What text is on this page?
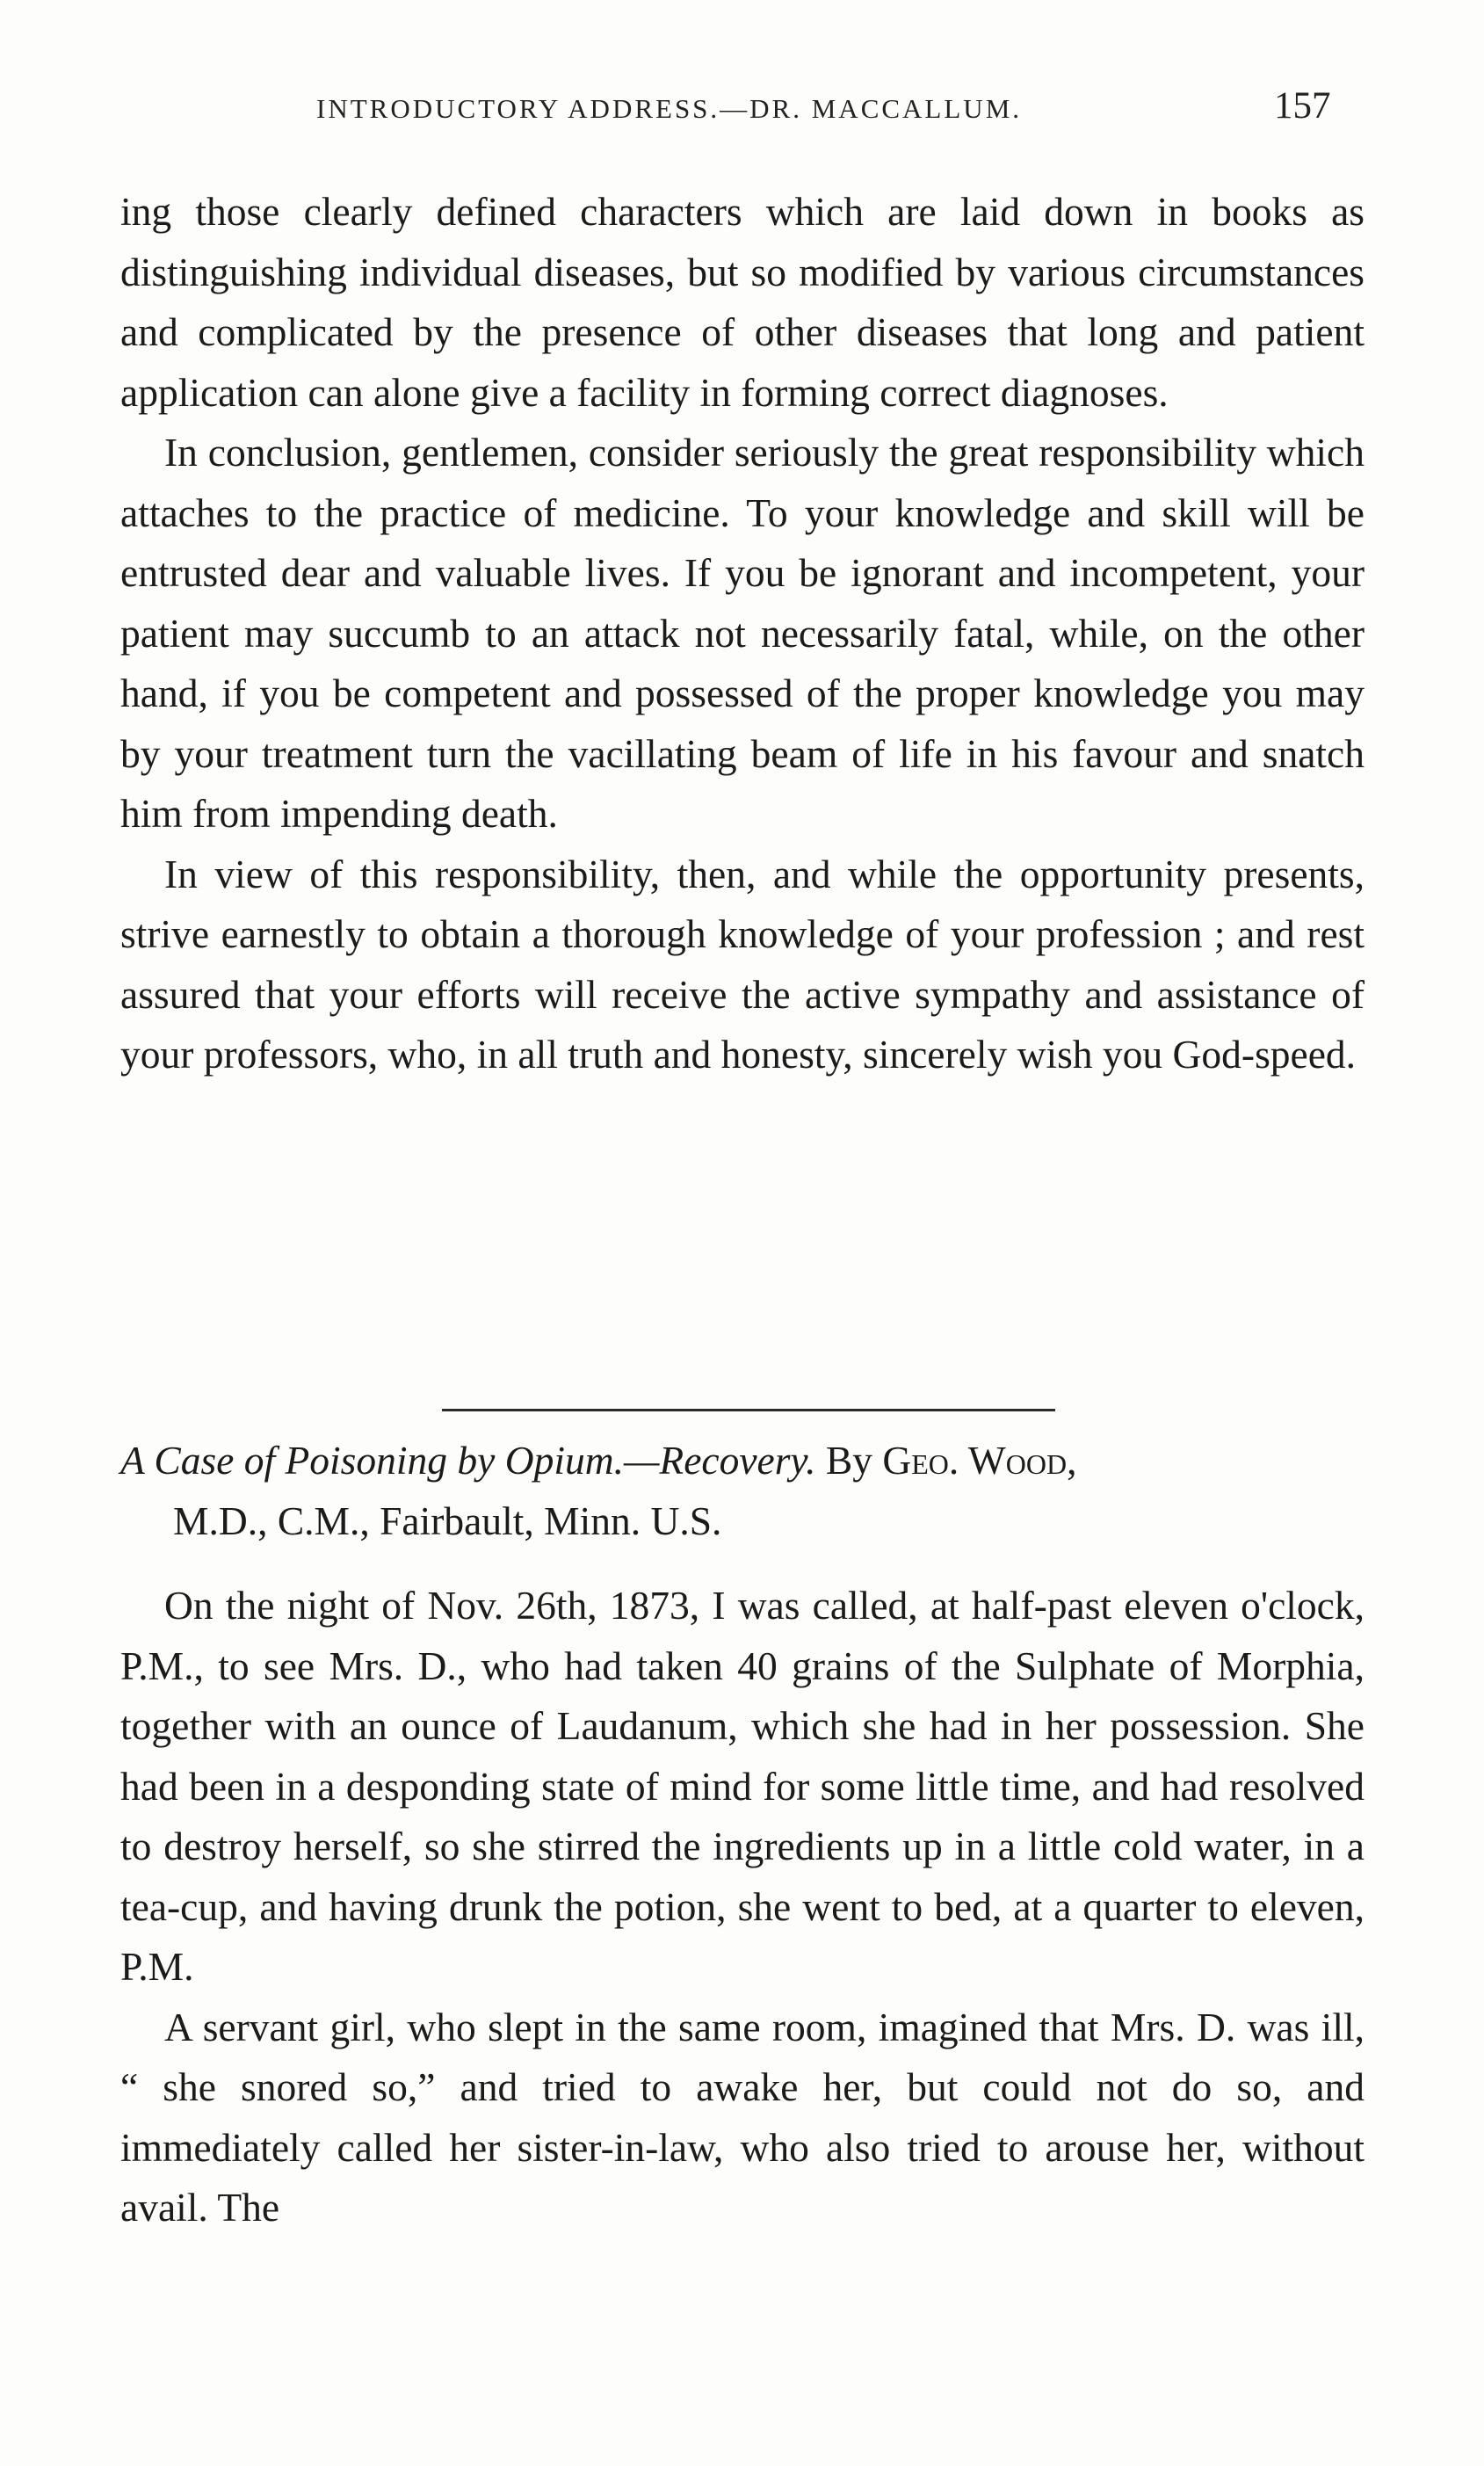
INTRODUCTORY ADDRESS.—DR. MACCALLUM.	157

ing those clearly defined characters which are laid down in books as distinguishing individual diseases, but so modified by various circumstances and complicated by the presence of other diseases that long and patient application can alone give a facility in forming correct diagnoses.

In conclusion, gentlemen, consider seriously the great responsibility which attaches to the practice of medicine. To your knowledge and skill will be entrusted dear and valuable lives. If you be ignorant and incompetent, your patient may succumb to an attack not necessarily fatal, while, on the other hand, if you be competent and possessed of the proper knowledge you may by your treatment turn the vacillating beam of life in his favour and snatch him from impending death.

In view of this responsibility, then, and while the opportunity presents, strive earnestly to obtain a thorough knowledge of your profession ; and rest assured that your efforts will receive the active sympathy and assistance of your professors, who, in all truth and honesty, sincerely wish you God-speed.

A Case of Poisoning by Opium.—Recovery. By Geo. Wood,
M.D., C.M., Fairbault, Minn. U.S.

On the night of Nov. 26th, 1873, I was called, at half-past eleven o'clock, P.M., to see Mrs. D., who had taken 40 grains of the Sulphate of Morphia, together with an ounce of Laudanum, which she had in her possession. She had been in a desponding state of mind for some little time, and had resolved to destroy herself, so she stirred the ingredients up in a little cold water, in a tea-cup, and having drunk the potion, she went to bed, at a quarter to eleven, P.M.

A servant girl, who slept in the same room, imagined that Mrs. D. was ill, “ she snored so,” and tried to awake her, but could not do so, and immediately called her sister-in-law, who also tried to arouse her, without avail. The
